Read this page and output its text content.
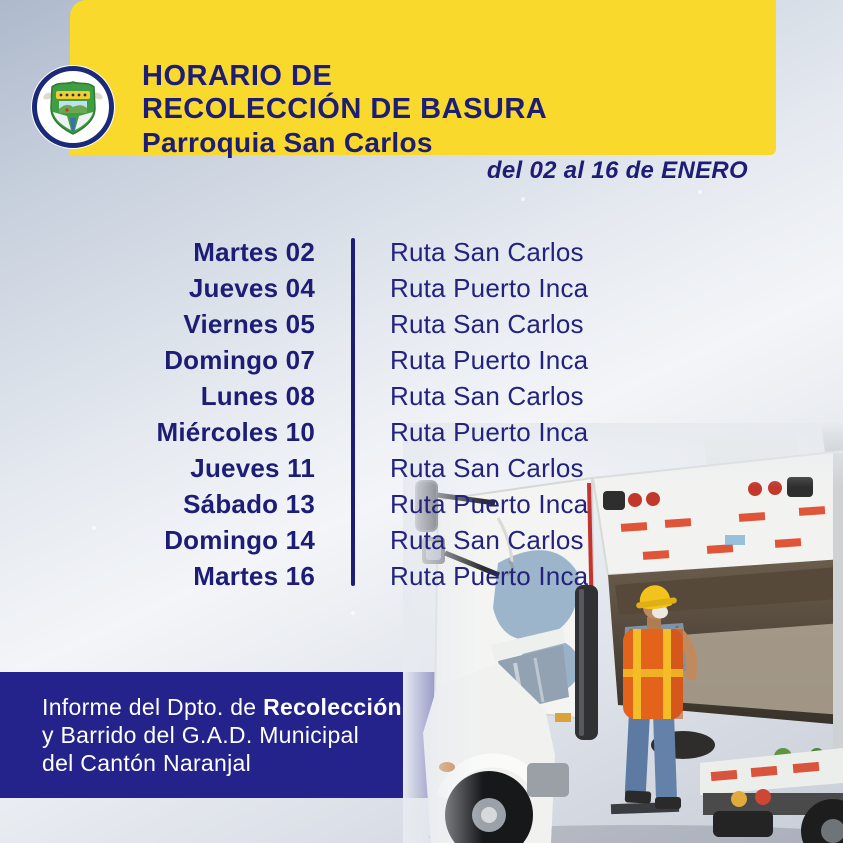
HORARIO DE
RECOLECCIÓN DE BASURA
Parroquia San Carlos
del 02 al 16 de ENERO
Martes 02	Ruta San Carlos
Jueves 04	Ruta Puerto Inca
Viernes 05	Ruta San Carlos
Domingo 07	Ruta Puerto Inca
Lunes 08	Ruta San Carlos
Miércoles 10	Ruta Puerto Inca
Jueves 11	Ruta San Carlos
Sábado 13	Ruta Puerto Inca
Domingo 14	Ruta San Carlos
Martes 16	Ruta Puerto Inca
Informe del Dpto. de Recolección
y Barrido del G.A.D. Municipal
del Cantón Naranjal
